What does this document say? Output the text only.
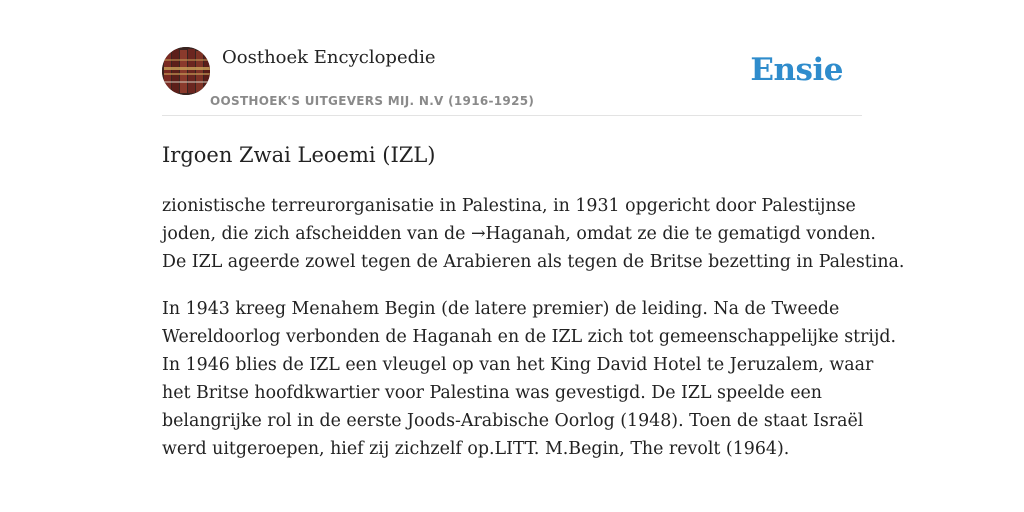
Oosthoek Encyclopedie
OOSTHOEK'S UITGEVERS MIJ. N.V (1916-1925)
Ensie
Irgoen Zwai Leoemi (IZL)

zionistische terreurorganisatie in Palestina, in 1931 opgericht door Palestijnse
joden, die zich afscheidden van de →Haganah, omdat ze die te gematigd vonden.
De IZL ageerde zowel tegen de Arabieren als tegen de Britse bezetting in Palestina.

In 1943 kreeg Menahem Begin (de latere premier) de leiding. Na de Tweede
Wereldoorlog verbonden de Haganah en de IZL zich tot gemeenschappelijke strijd.
In 1946 blies de IZL een vleugel op van het King David Hotel te Jeruzalem, waar
het Britse hoofdkwartier voor Palestina was gevestigd. De IZL speelde een
belangrijke rol in de eerste Joods-Arabische Oorlog (1948). Toen de staat Israël
werd uitgeroepen, hief zij zichzelf op.LITT. M.Begin, The revolt (1964).
